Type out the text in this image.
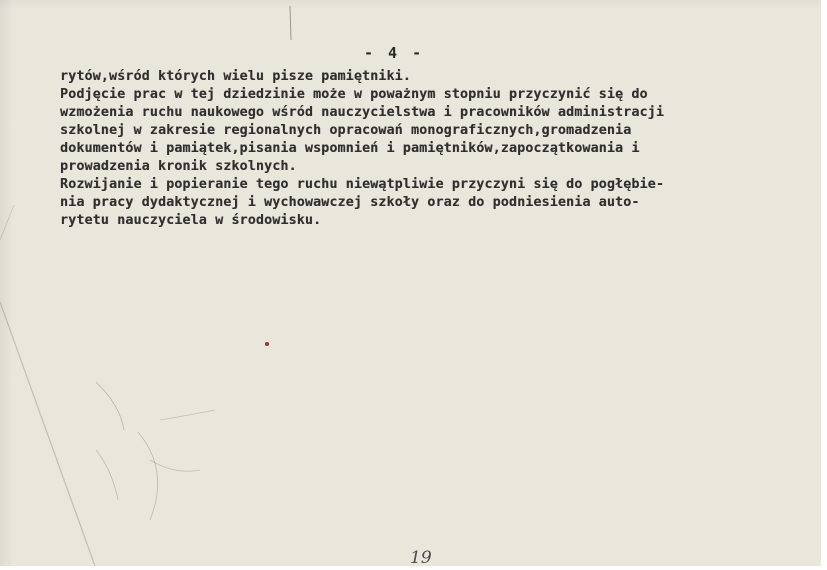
- 4 -
rytów,wśród których wielu pisze pamiętniki.
Podjęcie prac w tej dziedzinie może w poważnym stopniu przyczynić się do
wzmożenia ruchu naukowego wśród nauczycielstwa i pracowników administracji
szkolnej w zakresie regionalnych opracowań monograficznych,gromadzenia
dokumentów i pamiątek,pisania wspomnień i pamiętników,zapoczątkowania i
prowadzenia kronik szkolnych.
Rozwijanie i popieranie tego ruchu niewątpliwie przyczyni się do pogłębie-
nia pracy dydaktycznej i wychowawczej szkoły oraz do podniesienia auto-
rytetu nauczyciela w środowisku.
19
